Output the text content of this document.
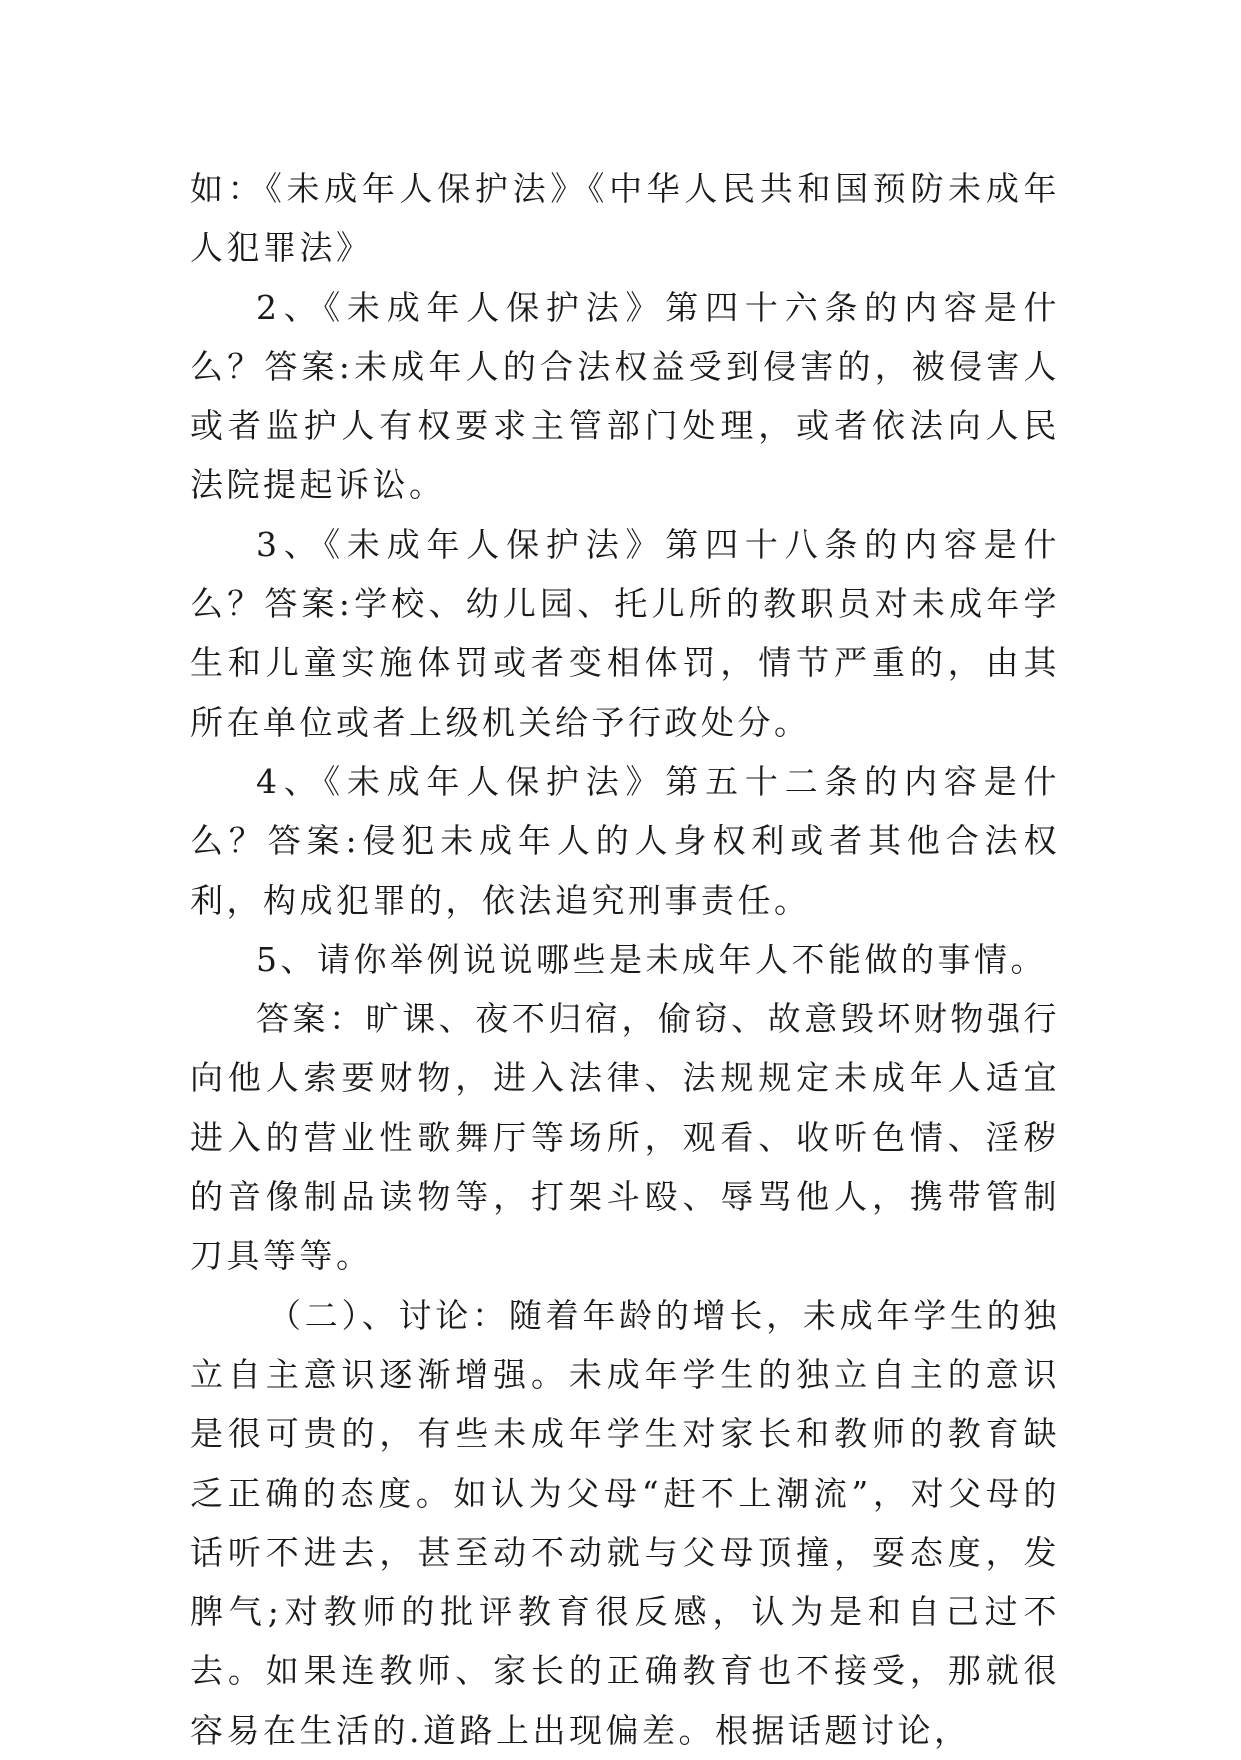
如：《未成年人保护法》《中华人民共和国预防未成年人犯罪法》

2、《未成年人保护法》第四十六条的内容是什么？答案:未成年人的合法权益受到侵害的，被侵害人或者监护人有权要求主管部门处理，或者依法向人民法院提起诉讼。

3、《未成年人保护法》第四十八条的内容是什么？答案:学校、幼儿园、托儿所的教职员对未成年学生和儿童实施体罚或者变相体罚，情节严重的，由其所在单位或者上级机关给予行政处分。

4、《未成年人保护法》第五十二条的内容是什么？答案:侵犯未成年人的人身权利或者其他合法权利，构成犯罪的，依法追究刑事责任。

5、请你举例说说哪些是未成年人不能做的事情。

答案：旷课、夜不归宿，偷窃、故意毁坏财物强行向他人索要财物，进入法律、法规规定未成年人适宜进入的营业性歌舞厅等场所，观看、收听色情、淫秽的音像制品读物等，打架斗殴、辱骂他人，携带管制刀具等等。

（二）、讨论：随着年龄的增长，未成年学生的独立自主意识逐渐增强。未成年学生的独立自主的意识是很可贵的，有些未成年学生对家长和教师的教育缺乏正确的态度。如认为父母“赶不上潮流”，对父母的话听不进去，甚至动不动就与父母顶撞，耍态度，发脾气;对教师的批评教育很反感，认为是和自己过不去。如果连教师、家长的正确教育也不接受，那就很容易在生活的.道路上出现偏差。根据话题讨论，
